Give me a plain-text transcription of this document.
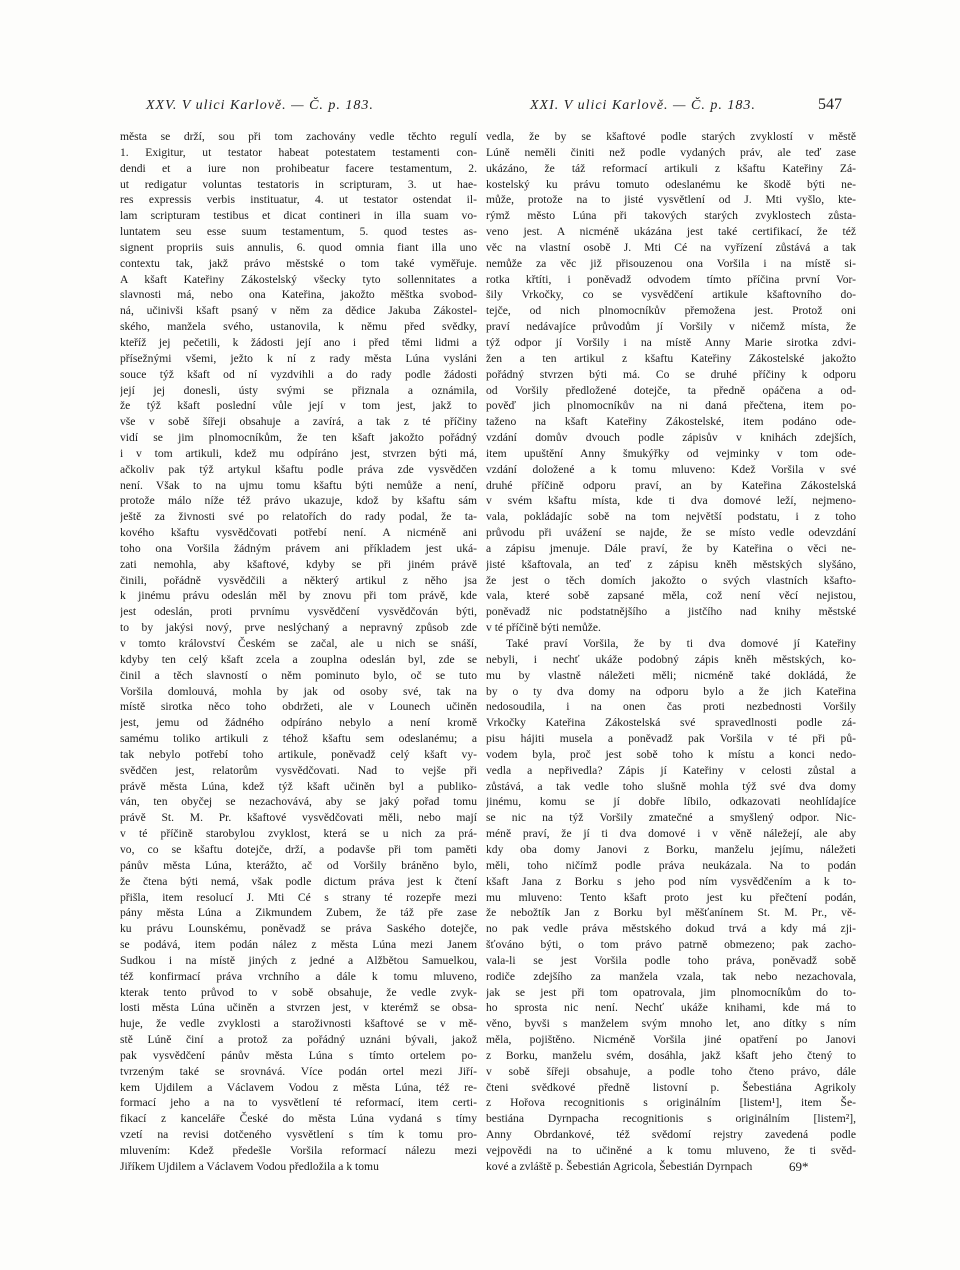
XXV. V ulici Karlově. — Č. p. 183.	XXI. V ulici Karlově. — Č. p. 183.	547
města se drží, sou při tom zachovány vedle těchto regulí
1. Exigitur, ut testator habeat potestatem testamenti con-
dendi et a iure non prohibeatur facere testamentum, 2.
ut redigatur voluntas testatoris in scripturam, 3. ut hae-
res expressis verbis instituatur, 4. ut testator ostendat il-
lam scripturam testibus et dicat contineri in illa suam vo-
luntatem seu esse suum testamentum, 5. quod testes as-
signent propriis suis annulis, 6. quod omnia fiant illa uno
contextu tak, jakž právo městské o tom také vyměřuje.
A kšaft Kateřiny Zákostelský všecky tyto sollennitates a
slavnosti má, nebo ona Kateřina, jakožto měštka svobod-
ná, učinivši kšaft psaný v něm za dědice Jakuba Zákostel-
ského, manžela svého, ustanovila, k němu před svědky,
kteříž jej pečetili, k žádosti její ano i před těmi lidmi a
přísežnými všemi, ježto k ní z rady města Lúna vysláni
souce týž kšaft od ní vyzdvihli a do rady podle žádosti
její jej donesli, ústy svými se přiznala a oznámila,
že týž kšaft poslední vůle její v tom jest, jakž to
vše v sobě šířeji obsahuje a zavírá, a tak z té příčiny
vidí se jim plnomocníkům, že ten kšaft jakožto pořádný
i v tom artikuli, kdež mu odpíráno jest, stvrzen býti má,
ačkoliv pak týž artykul kšaftu podle práva zde vysvědčen
není. Však to na ujmu tomu kšaftu býti nemůže a není,
protože málo níže též právo ukazuje, kdož by kšaftu sám
ještě za živnosti své po relatořích do rady podal, že ta-
kového kšaftu vysvědčovati potřebí není. A nicméně ani
toho ona Voršila žádným právem ani příkladem jest uká-
zati nemohla, aby kšaftové, kdyby se při jiném právě
činili, pořádně vysvědčili a některý artikul z něho jsa
k jinému právu odeslán měl by znovu při tom právě, kde
jest odeslán, proti prvnímu vysvědčení vysvědčován býti,
to by jakýsi nový, prve neslýchaný a nepravný způsob zde
v tomto království Českém se začal, ale u nich se snáší,
kdyby ten celý kšaft zcela a zouplna odeslán byl, zde se
činil a těch slavností o něm pominuto bylo, oč se tuto
Voršila domlouvá, mohla by jak od osoby své, tak na
místě sirotka něco toho obdržeti, ale v Lounech učiněn
jest, jemu od žádného odpíráno nebylo a není kromě
samému toliko artikuli z téhož kšaftu sem odeslanému; a
tak nebylo potřebí toho artikule, poněvadž celý kšaft vy-
svědčen jest, relatorům vysvědčovati. Nad to vejše při
právě města Lúna, kdež týž kšaft učiněn byl a publiko-
ván, ten obyčej se nezachovává, aby se jaký pořad tomu
právě St. M. Pr. kšaftové vysvědčovati měli, nebo mají
v té příčině starobylou zvyklost, která se u nich za prá-
vo, co se kšaftu dotejče, drží, a podavše při tom paměti
pánův města Lúna, kterážto, ač od Voršily bráněno bylo,
že čtena býti nemá, však podle dictum práva jest k čtení
přišla, item resolucí J. Mti Cé s strany té rozepře mezi
pány města Lúna a Zikmundem Zubem, že táž pře zase
ku právu Lounskému, poněvadž se práva Saského dotejče,
se podává, item podán nález z města Lúna mezi Janem
Sudkou i na místě jiných z jedné a Alžbětou Samuelkou,
též konfirmací práva vrchního a dále k tomu mluveno,
kterak tento průvod to v sobě obsahuje, že vedle zvyk-
losti města Lúna učiněn a stvrzen jest, v kterémž se obsa-
huje, že vedle zvyklosti a staroživnosti kšaftové se v mě-
stě Lúně činí a protož za pořádný uznáni bývali, jakož
pak vysvědčení pánův města Lúna s tímto ortelem po-
tvrzeným také se srovnává. Více podán ortel mezi Jiří-
kem Ujdilem a Václavem Vodou z města Lúna, též re-
formací jeho a na to vysvětlení té reformací, item certi-
fikací z kanceláře České do města Lúna vydaná s tímy
vzetí na revisi dotčeného vysvětlení s tím k tomu pro-
mluvením: Kdež předešle Voršila reformací nálezu mezi
Jiříkem Ujdilem a Václavem Vodou předložila a k tomu
vedla, že by se kšaftové podle starých zvyklostí v městě
Lúně neměli činiti než podle vydaných práv, ale teď zase
ukázáno, že táž reformací artikuli z kšaftu Kateřiny Zá-
kostelský ku právu tomuto odeslanému ke škodě býti ne-
může, protože na to jisté vysvětlení od J. Mti vyšlo, kte-
rýmž město Lúna při takových starých zvyklostech zůsta-
veno jest. A nicméně ukázána jest také certifikací, že též
věc na vlastní osobě J. Mti Cé na vyřízení zůstává a tak
nemůže za věc již přisouzenou ona Voršila i na místě si-
rotka křtíti, i poněvadž odvodem tímto příčina první Vor-
šily Vrkočky, co se vysvědčení artikule kšaftovního do-
tejče, od nich plnomocníkův přemožena jest. Protož oni
praví nedávajíce průvodům jí Voršily v ničemž místa, že
týž odpor jí Voršily i na místě Anny Marie sirotka zdvi-
žen a ten artikul z kšaftu Kateřiny Zákostelské jakožto
pořádný stvrzen býti má. Co se druhé příčiny k odporu
od Voršily předložené dotejče, ta předně opáčena a od-
pověď jich plnomocníkův na ni daná přečtena, item po-
taženo na kšaft Kateřiny Zákostelské, item podáno ode-
vzdání domův dvouch podle zápisův v knihách zdejších,
item upuštění Anny šmukýřky od vejminky v tom ode-
vzdání doložené a k tomu mluveno: Kdež Voršila v své
druhé příčině odporu praví, an by Kateřina Zákostelská
v svém kšaftu místa, kde ti dva domové leží, nejmeno-
vala, pokládajíc sobě na tom největší podstatu, i z toho
průvodu při uvážení se najde, že se místo vedle odevzdání
a zápisu jmenuje. Dále praví, že by Kateřina o věci ne-
jisté kšaftovala, an teď z zápisu kněh městských slyšáno,
že jest o těch domích jakožto o svých vlastních kšafto-
vala, které sobě zapsané měla, což není věcí nejistou,
poněvadž nic podstatnějšího a jistčího nad knihy městské
v té příčině býti nemůže.
Také praví Voršila, že by ti dva domové jí Kateřiny
nebyli, i nechť ukáže podobný zápis kněh městských, ko-
mu by vlastně náležeti měli; nicméně také dokládá, že
by o ty dva domy na odporu bylo a že jich Kateřina
nedosoudila, i na onen čas proti nezbednosti Voršily
Vrkočky Kateřina Zákostelská své spravedlnosti podle zá-
pisu hájiti musela a poněvadž pak Voršila v té při pů-
vodem byla, proč jest sobě toho k místu a konci nedo-
vedla a nepřivedla? Zápis jí Kateřiny v celosti zůstal a
zůstává, a tak vedle toho slušně mohla týž své dva domy
jinému, komu se jí dobře líbilo, odkazovati neohlídajíce
se nic na týž Voršily zmatečné a smyšlený odpor. Nic-
méně praví, že jí ti dva domové i v věně náležejí, ale aby
kdy oba domy Janovi z Borku, manželu jejímu, náležeti
měli, toho ničímž podle práva neukázala. Na to podán
kšaft Jana z Borku s jeho pod ním vysvědčením a k to-
mu mluveno: Tento kšaft proto jest ku přečtení podán,
že nebožtík Jan z Borku byl měšťanínem St. M. Pr., vě-
no pak vedle práva městského dokud trvá a kdy má zji-
šťováno býti, o tom právo patrně obmezeno; pak zacho-
vala-li se jest Voršila podle toho práva, poněvadž sobě
rodiče zdejšího za manžela vzala, tak nebo nezachovala,
jak se jest při tom opatrovala, jim plnomocníkům do to-
ho sprosta nic není. Nechť ukáže knihami, kde má to
věno, byvši s manželem svým mnoho let, ano dítky s ním
měla, pojištěno. Nicméně Voršila jiné opatření po Janovi
z Borku, manželu svém, dosáhla, jakž kšaft jeho čtený to
v sobě šířeji obsahuje, a podle toho čteno právo, dále
čteni svědkové předně listovní p. Šebestiána Agrikoly
z Hořova recognitionis s originálním [listem¹], item Še-
bestiána Dyrnpacha recognitionis s originálním [listem²],
Anny Obrdankové, též svědomí rejstry zavedená podle
vejpovědi na to učiněné a k tomu mluveno, že ti svěd-
kové a zvláště p. Šebestián Agricola, Šebestián Dyrnpach	69*
